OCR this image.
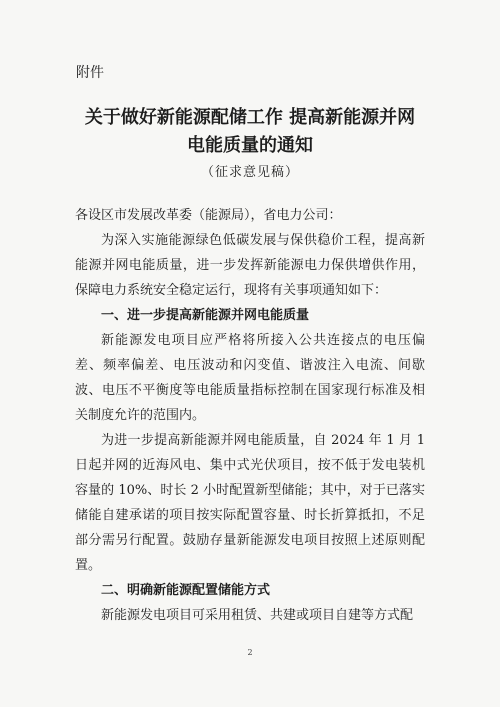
附件
关于做好新能源配储工作 提高新能源并网
电能质量的通知
（征求意见稿）

各设区市发展改革委（能源局），省电力公司：

为深入实施能源绿色低碳发展与保供稳价工程，提高新能源并网电能质量，进一步发挥新能源电力保供增供作用，保障电力系统安全稳定运行，现将有关事项通知如下：

一、进一步提高新能源并网电能质量

新能源发电项目应严格将所接入公共连接点的电压偏差、频率偏差、电压波动和闪变值、谐波注入电流、间歇波、电压不平衡度等电能质量指标控制在国家现行标准及相关制度允许的范围内。

为进一步提高新能源并网电能质量，自 2024 年 1 月 1 日起并网的近海风电、集中式光伏项目，按不低于发电装机容量的 10%、时长 2 小时配置新型储能；其中，对于已落实储能自建承诺的项目按实际配置容量、时长折算抵扣，不足部分需另行配置。鼓励存量新能源发电项目按照上述原则配置。

二、明确新能源配置储能方式

新能源发电项目可采用租赁、共建或项目自建等方式配

2
